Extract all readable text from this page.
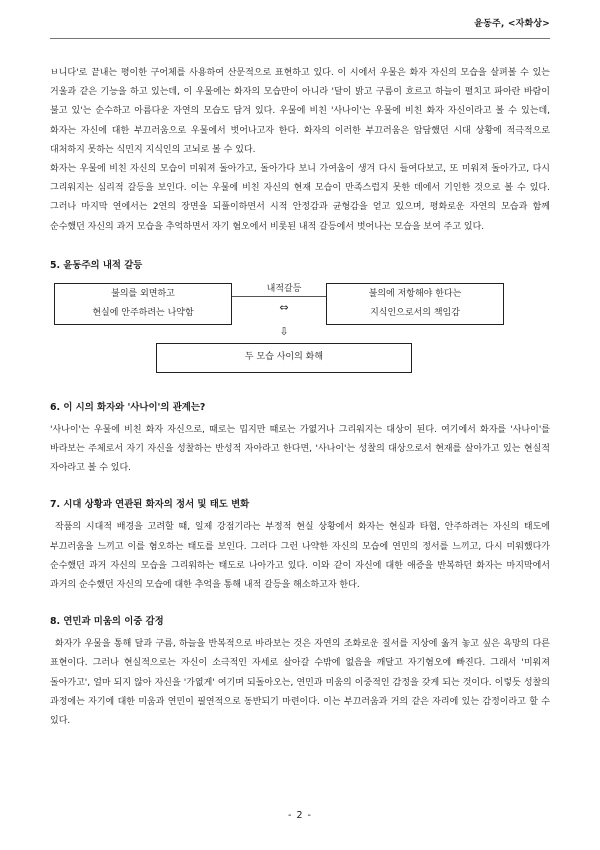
윤동주, <자화상>

ㅂ니다'로 끝내는 평이한 구어체를 사용하여 산문적으로 표현하고 있다. 이 시에서 우물은 화자 자신의 모습을 살펴볼 수 있는 거울과 같은 기능을 하고 있는데, 이 우물에는 화자의 모습만이 아니라 '달이 밝고 구름이 흐르고 하늘이 펼치고 파아란 바람이 불고 있'는 순수하고 아름다운 자연의 모습도 담겨 있다. 우물에 비친 '사나이'는 우물에 비친 화자 자신이라고 볼 수 있는데, 화자는 자신에 대한 부끄러움으로 우물에서 벗어나고자 한다. 화자의 이러한 부끄러움은 암담했던 시대 상황에 적극적으로 대처하지 못하는 식민지 지식인의 고뇌로 볼 수 있다.

화자는 우물에 비친 자신의 모습이 미워져 돌아가고, 돌아가다 보니 가여움이 생겨 다시 들여다보고, 또 미워져 돌아가고, 다시 그리워지는 심리적 갈등을 보인다. 이는 우물에 비친 자신의 현재 모습이 만족스럽지 못한 데에서 기인한 것으로 볼 수 있다. 그러나 마지막 연에서는 2연의 장면을 되풀이하면서 시적 안정감과 균형감을 얻고 있으며, 평화로운 자연의 모습과 함께 순수했던 자신의 과거 모습을 추억하면서 자기 혐오에서 비롯된 내적 갈등에서 벗어나는 모습을 보여 주고 있다.

5. 윤동주의 내적 갈등
불의를 외면하고
현실에 안주하려는 나약함
내적갈등
⇔
불의에 저항해야 한다는
지식인으로서의 책임감
⇩
두 모습 사이의 화해
6. 이 시의 화자와 '사나이'의 관계는?

'사나이'는 우물에 비친 화자 자신으로, 때로는 밉지만 때로는 가엾거나 그리워지는 대상이 된다. 여기에서 화자를 '사나이'를 바라보는 주체로서 자기 자신을 성찰하는 반성적 자아라고 한다면, '사나이'는 성찰의 대상으로서 현재를 살아가고 있는 현실적 자아라고 볼 수 있다.

7. 시대 상황과 연관된 화자의 정서 및 태도 변화

작품의 시대적 배경을 고려할 때, 일제 강점기라는 부정적 현실 상황에서 화자는 현실과 타협, 안주하려는 자신의 태도에 부끄러움을 느끼고 이를 혐오하는 태도를 보인다. 그러다 그런 나약한 자신의 모습에 연민의 정서를 느끼고, 다시 미워했다가 순수했던 과거 자신의 모습을 그리워하는 태도로 나아가고 있다. 이와 같이 자신에 대한 애증을 반복하던 화자는 마지막에서 과거의 순수했던 자신의 모습에 대한 추억을 통해 내적 갈등을 해소하고자 한다.

8. 연민과 미움의 이중 감정

화자가 우물을 통해 달과 구름, 하늘을 반복적으로 바라보는 것은 자연의 조화로운 질서를 지상에 옮겨 놓고 싶은 욕망의 다른 표현이다. 그러나 현실적으로는 자신이 소극적인 자세로 살아갈 수밖에 없음을 깨달고 자기혐오에 빠진다. 그래서 '미워져 돌아가고', 얼마 되지 않아 자신을 '가엾게' 여기며 되돌아오는, 연민과 미움의 이중적인 감정을 갖게 되는 것이다. 이렇듯 성찰의 과정에는 자기에 대한 미움과 연민이 필연적으로 동반되기 마련이다. 이는 부끄러움과 거의 같은 자리에 있는 감정이라고 할 수 있다.

- 2 -
